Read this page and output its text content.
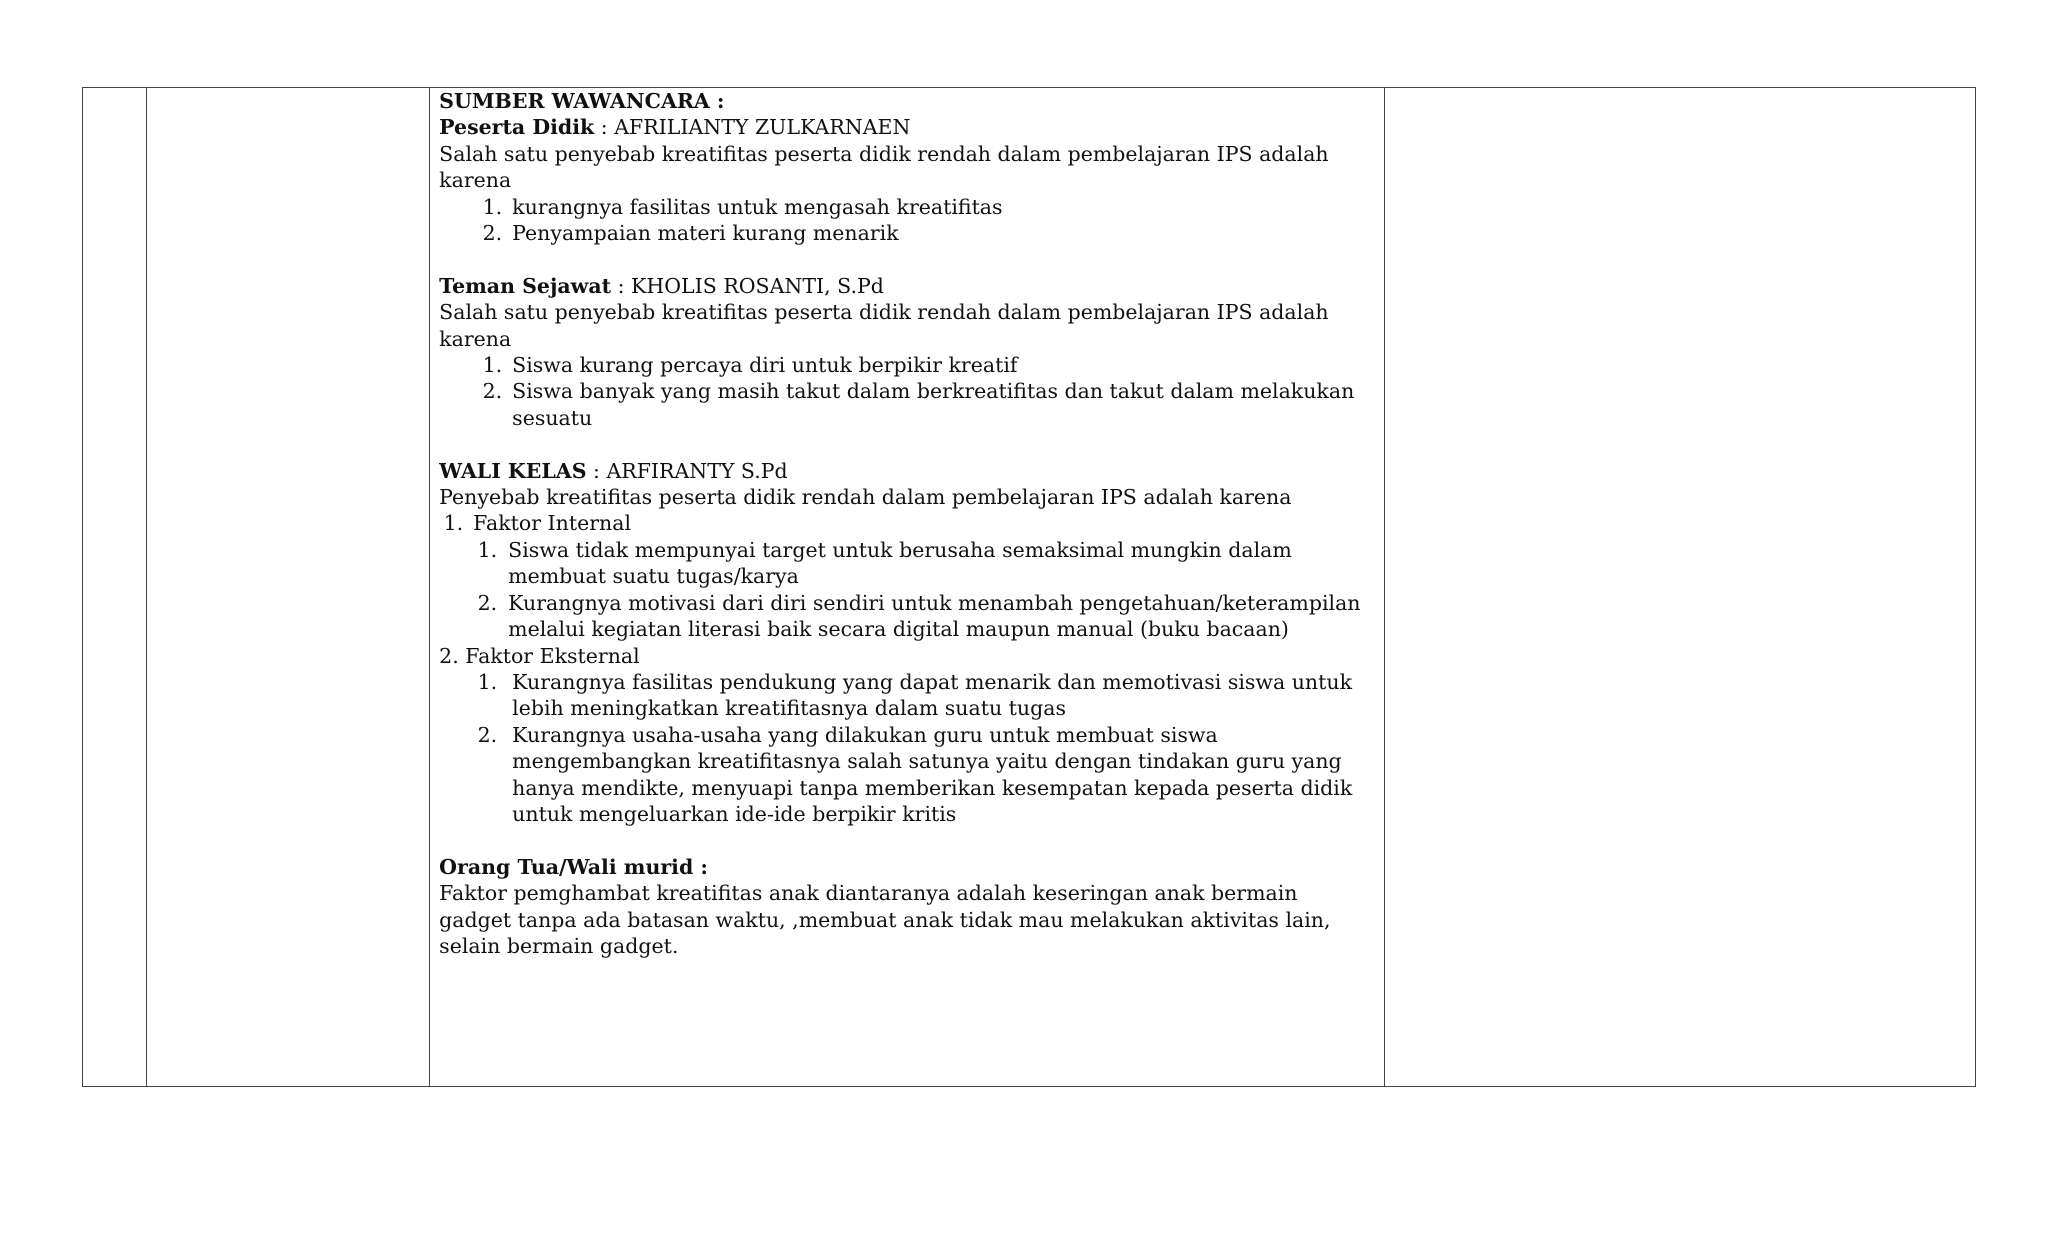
SUMBER WAWANCARA :

Peserta Didik : AFRILIANTY ZULKARNAEN

Salah satu penyebab kreatifitas peserta didik rendah dalam pembelajaran IPS adalah karena

1. kurangnya fasilitas untuk mengasah kreatifitas
2. Penyampaian materi kurang menarik

Teman Sejawat : KHOLIS ROSANTI, S.Pd

Salah satu penyebab kreatifitas peserta didik rendah dalam pembelajaran IPS adalah karena

1. Siswa kurang percaya diri untuk berpikir kreatif
2. Siswa banyak yang masih takut dalam berkreatifitas dan takut dalam melakukan sesuatu

WALI KELAS : ARFIRANTY S.Pd

Penyebab kreatifitas peserta didik rendah dalam pembelajaran IPS adalah karena

1. Faktor Internal
1. Siswa tidak mempunyai target untuk berusaha semaksimal mungkin dalam membuat suatu tugas/karya
2. Kurangnya motivasi dari diri sendiri untuk menambah pengetahuan/keterampilan melalui kegiatan literasi baik secara digital maupun manual (buku bacaan)

2. Faktor Eksternal

1. Kurangnya fasilitas pendukung yang dapat menarik dan memotivasi siswa untuk lebih meningkatkan kreatifitasnya dalam suatu tugas
2. Kurangnya usaha-usaha yang dilakukan guru untuk membuat siswa mengembangkan kreatifitasnya salah satunya yaitu dengan tindakan guru yang hanya mendikte, menyuapi tanpa memberikan kesempatan kepada peserta didik untuk mengeluarkan ide-ide berpikir kritis

Orang Tua/Wali murid :

Faktor pemghambat kreatifitas anak diantaranya adalah keseringan anak bermain gadget tanpa ada batasan waktu, ,membuat anak tidak mau melakukan aktivitas lain, selain bermain gadget.
